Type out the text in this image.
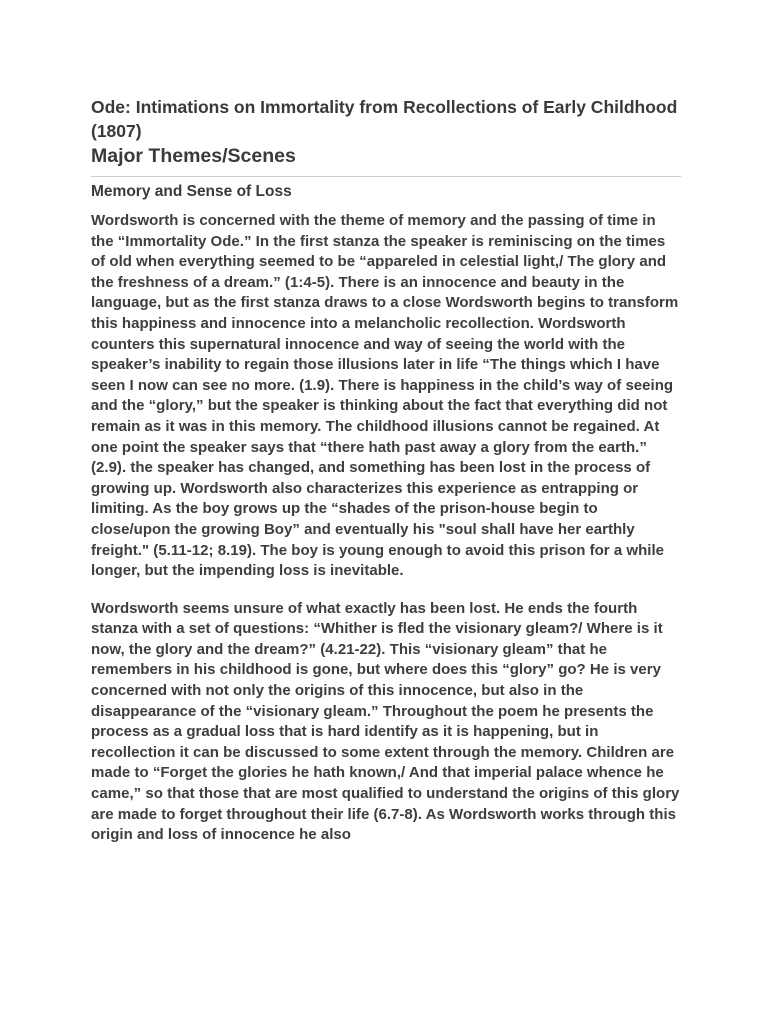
Ode: Intimations on Immortality from Recollections of Early Childhood (1807)
Major Themes/Scenes
Memory and Sense of Loss

Wordsworth is concerned with the theme of memory and the passing of time in the “Immortality Ode.” In the first stanza the speaker is reminiscing on the times of old when everything seemed to be “appareled in celestial light,/ The glory and the freshness of a dream.” (1:4-5). There is an innocence and beauty in the language, but as the first stanza draws to a close Wordsworth begins to transform this happiness and innocence into a melancholic recollection. Wordsworth counters this supernatural innocence and way of seeing the world with the speaker’s inability to regain those illusions later in life “The things which I have seen I now can see no more. (1.9). There is happiness in the child’s way of seeing and the “glory,” but the speaker is thinking about the fact that everything did not remain as it was in this memory. The childhood illusions cannot be regained. At one point the speaker says that “there hath past away a glory from the earth.” (2.9). the speaker has changed, and something has been lost in the process of growing up. Wordsworth also characterizes this experience as entrapping or limiting. As the boy grows up the “shades of the prison-house begin to close/upon the growing Boy” and eventually his "soul shall have her earthly freight." (5.11-12; 8.19). The boy is young enough to avoid this prison for a while longer, but the impending loss is inevitable.

Wordsworth seems unsure of what exactly has been lost. He ends the fourth stanza with a set of questions: “Whither is fled the visionary gleam?/ Where is it now, the glory and the dream?” (4.21-22). This “visionary gleam” that he remembers in his childhood is gone, but where does this “glory” go? He is very concerned with not only the origins of this innocence, but also in the disappearance of the “visionary gleam.” Throughout the poem he presents the process as a gradual loss that is hard identify as it is happening, but in recollection it can be discussed to some extent through the memory. Children are made to “Forget the glories he hath known,/ And that imperial palace whence he came,” so that those that are most qualified to understand the origins of this glory are made to forget throughout their life (6.7-8). As Wordsworth works through this origin and loss of innocence he also
